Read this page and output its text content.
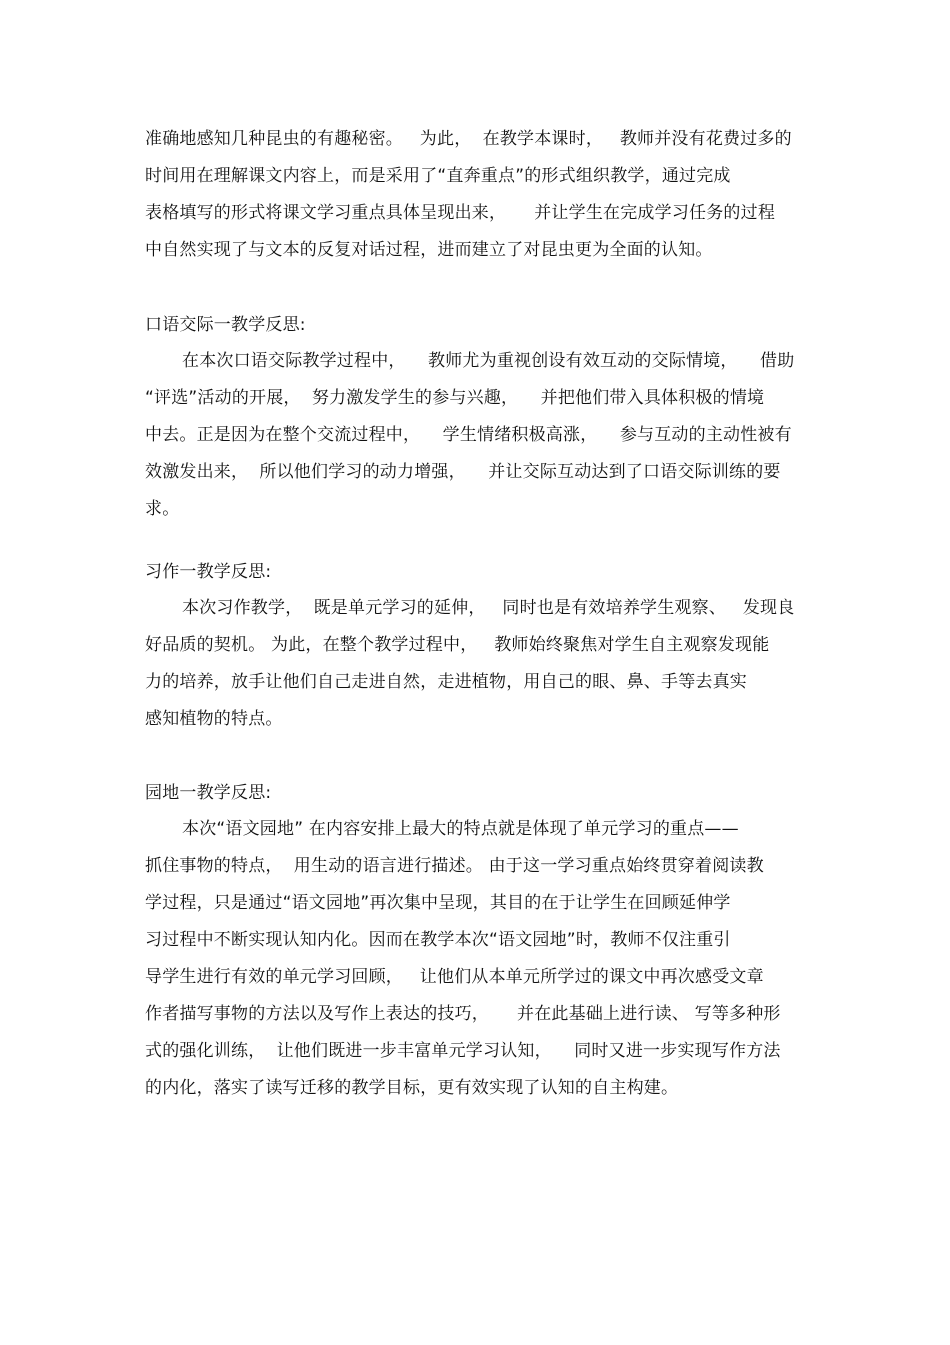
准确地感知几种昆虫的有趣秘密。   为此，  在教学本课时，   教师并没有花费过多的
时间用在理解课文内容上，而是采用了“直奔重点”的形式组织教学，通过完成
表格填写的形式将课文学习重点具体呈现出来，     并让学生在完成学习任务的过程
中自然实现了与文本的反复对话过程，进而建立了对昆虫更为全面的认知。
口语交际一教学反思:
在本次口语交际教学过程中，    教师尤为重视创设有效互动的交际情境，    借助
“评选”活动的开展，  努力激发学生的参与兴趣，    并把他们带入具体积极的情境
中去。正是因为在整个交流过程中，    学生情绪积极高涨，    参与互动的主动性被有
效激发出来，  所以他们学习的动力增强，    并让交际互动达到了口语交际训练的要
求。
习作一教学反思:
本次习作教学，  既是单元学习的延伸，   同时也是有效培养学生观察、   发现良
好品质的契机。 为此，在整个教学过程中，   教师始终聚焦对学生自主观察发现能
力的培养，放手让他们自己走进自然，走进植物，用自己的眼、鼻、手等去真实
感知植物的特点。
园地一教学反思:
本次“语文园地” 在内容安排上最大的特点就是体现了单元学习的重点——
抓住事物的特点，  用生动的语言进行描述。 由于这一学习重点始终贯穿着阅读教
学过程，只是通过“语文园地”再次集中呈现，其目的在于让学生在回顾延伸学
习过程中不断实现认知内化。因而在教学本次“语文园地”时，教师不仅注重引
导学生进行有效的单元学习回顾，   让他们从本单元所学过的课文中再次感受文章
作者描写事物的方法以及写作上表达的技巧，     并在此基础上进行读、 写等多种形
式的强化训练，  让他们既进一步丰富单元学习认知，    同时又进一步实现写作方法
的内化，落实了读写迁移的教学目标，更有效实现了认知的自主构建。
